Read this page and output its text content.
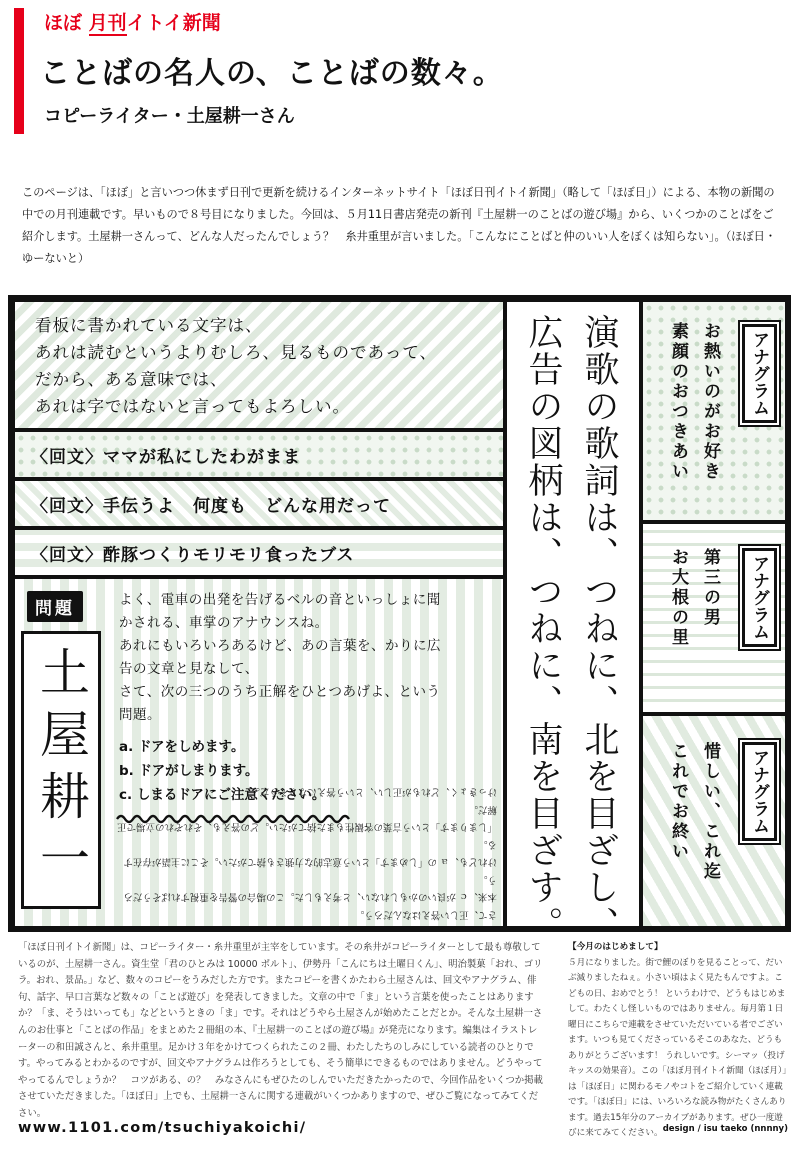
ほぼ 月刊イトイ新聞
ことばの名人の、ことばの数々。
コピーライター・土屋耕一さん
このページは、「ほぼ」と言いつつ休まず日刊で更新を続けるインターネットサイト「ほぼ日刊イトイ新聞」（略して「ほぼ日」）による、本物の新聞の中での月刊連載です。早いもので８号目になりました。今回は、５月11日書店発売の新刊『土屋耕一のことばの遊び場』から、いくつかのことばをご紹介します。土屋耕一さんって、どんな人だったんでしょう？　糸井重里が言いました。「こんなにことばと仲のいい人をぼくは知らない」。（ほぼ日・ゆーないと）
看板に書かれている文字は、
あれは読むというよりむしろ、見るものであって、
だから、ある意味では、
あれは字ではないと言ってもよろしい。
〈回文〉ママが私にしたわがまま
〈回文〉手伝うよ　何度も　どんな用だって
〈回文〉酢豚つくりモリモリ食ったブス
問題
土屋耕一
よく、電車の出発を告げるベルの音といっしょに聞
かされる、車掌のアナウンスね。
あれにもいろいろあるけど、あの言葉を、かりに広
告の文章と見なして、
さて、次の三つのうち正解をひとつあげよ、という
問題。
a. ドアをしめます。
b. ドアがしまります。
c. しまるドアにご注意ください。
さて、正しい答えはなんだろう。
本来、ｃ が良いのかもしれない、と考えもした。この場合の警告を重視すればそうだろう。
けれども、ａ の「しめます」という意志的な力強さも捨てがたい。そこに主語が存在する。
「しまります」という言葉の客観性もまた捨てがたい。どの答えも、それぞれの立場で正解だ。
けっきょく、どれもが正しい、という答えになりそうだ。 演歌の歌詞は、つねに、北を目ざし、
広告の図柄は、つねに、南を目ざす。	アナグラム
お熱いのがお好き
素顔のおつきあい
アナグラム
第三の男
お大根の里
アナグラム
惜しい、これ迄
これでお終い
「ほぼ日刊イトイ新聞」は、コピーライター・糸井重里が主宰をしています。その糸井がコピーライターとして最も尊敬しているのが、土屋耕一さん。資生堂「君のひとみは 10000 ボルト」、伊勢丹「こんにちは土曜日くん」、明治製菓「おれ、ゴリラ。おれ、景品。」など、数々のコピーをうみだした方です。またコピーを書くかたわら土屋さんは、回文やアナグラム、俳句、話字、早口言葉など数々の「ことば遊び」を発表してきました。文章の中で「ま」という言葉を使ったことはありますか？「ま、そうはいっても」などというときの「ま」です。それはどうやら土屋さんが始めたことだとか。そんな土屋耕一さんのお仕事と「ことばの作品」をまとめた２冊組の本、『土屋耕一のことばの遊び場』が発売になります。編集はイラストレーターの和田誠さんと、糸井重里。足かけ３年をかけてつくられたこの２冊、わたしたちのしみにしている読者のひとりです。やってみるとわかるのですが、回文やアナグラムは作ろうとしても、そう簡単にできるものではありません。どうやってやってるんでしょうか？　コツがある、の？　みなさんにもぜひたのしんでいただきたかったので、今回作品をいくつか掲載させていただきました。「ほぼ日」上でも、土屋耕一さんに関する連載がいくつかありますので、ぜひご覧になってみてください。
【今月のはじめまして】
５月になりました。街で鯉のぼりを見ることって、だいぶ減りましたねぇ。小さい頃はよく見たもんですよ。こどもの日、おめでとう！ というわけで、どうもはじめまして。わたくし怪しいものではありません。毎月第１日曜日にこちらで連載をさせていただいている者でございます。いつも見てくださっているそこのあなた、どうもありがとうございます！ うれしいです。シーマッ（投げキッスの効果音）。この「ほぼ月刊イトイ新聞（ほぼ月）」は「ほぼ日」に関わるモノやコトをご紹介していく連載です。「ほぼ日」には、いろいろな読み物がたくさんあります。過去15年分のアーカイブがあります。ぜひ一度遊びに来てみてください。
www.1101.com/tsuchiyakoichi/	design / isu taeko (nnnny)
